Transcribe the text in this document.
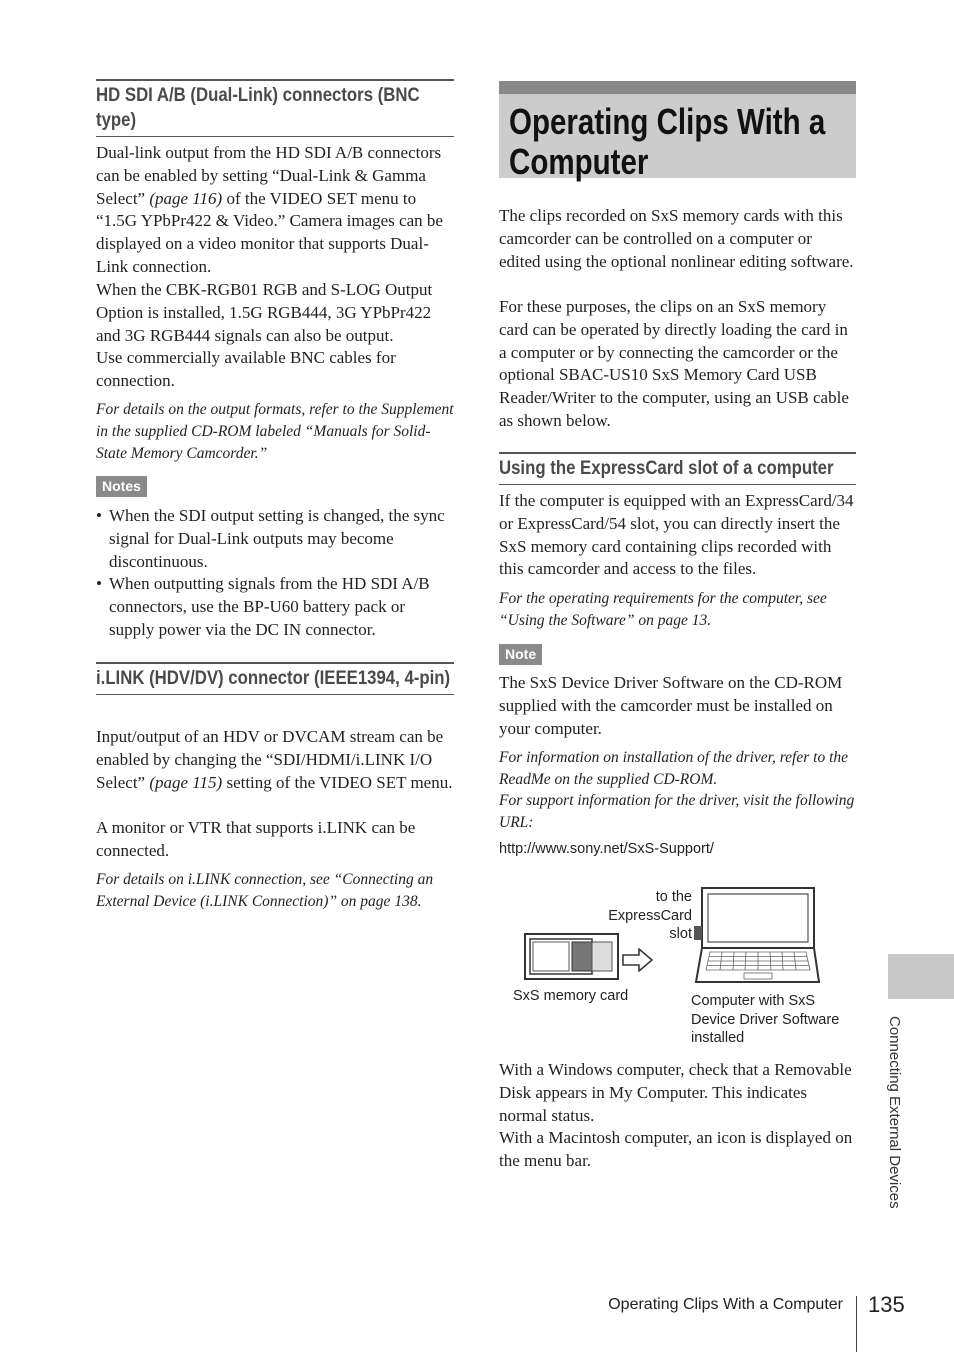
HD SDI A/B (Dual-Link) connectors (BNC type)

Dual-link output from the HD SDI A/B connectors can be enabled by setting “Dual-Link & Gamma Select” (page 116) of the VIDEO SET menu to “1.5G YPbPr422 & Video.” Camera images can be displayed on a video monitor that supports Dual-Link connection.

When the CBK-RGB01 RGB and S-LOG Output Option is installed, 1.5G RGB444, 3G YPbPr422 and 3G RGB444 signals can also be output.

Use commercially available BNC cables for connection.

For details on the output formats, refer to the Supplement in the supplied CD-ROM labeled “Manuals for Solid-State Memory Camcorder.”

Notes
• When the SDI output setting is changed, the sync signal for Dual-Link outputs may become discontinuous.
• When outputting signals from the HD SDI A/B connectors, use the BP-U60 battery pack or supply power via the DC IN connector.
i.LINK (HDV/DV) connector (IEEE1394, 4-pin)

Input/output of an HDV or DVCAM stream can be enabled by changing the “SDI/HDMI/i.LINK I/O Select” (page 115) setting of the VIDEO SET menu.

A monitor or VTR that supports i.LINK can be connected.

For details on i.LINK connection, see “Connecting an External Device (i.LINK Connection)” on page 138.

Operating Clips With a Computer

The clips recorded on SxS memory cards with this camcorder can be controlled on a computer or edited using the optional nonlinear editing software.

For these purposes, the clips on an SxS memory card can be operated by directly loading the card in a computer or by connecting the camcorder or the optional SBAC-US10 SxS Memory Card USB Reader/Writer to the computer, using an USB cable as shown below.

Using the ExpressCard slot of a computer

If the computer is equipped with an ExpressCard/34 or ExpressCard/54 slot, you can directly insert the SxS memory card containing clips recorded with this camcorder and access to the files.

For the operating requirements for the computer, see “Using the Software” on page 13.

Note

The SxS Device Driver Software on the CD-ROM supplied with the camcorder must be installed on your computer.

For information on installation of the driver, refer to the ReadMe on the supplied CD-ROM.

For support information for the driver, visit the following URL:

http://www.sony.net/SxS-Support/

to the ExpressCard slot
SxS memory card	Computer with SxS Device Driver Software installed

With a Windows computer, check that a Removable Disk appears in My Computer. This indicates normal status.

With a Macintosh computer, an icon is displayed on the menu bar.	Connecting External Devices
Operating Clips With a Computer 135
